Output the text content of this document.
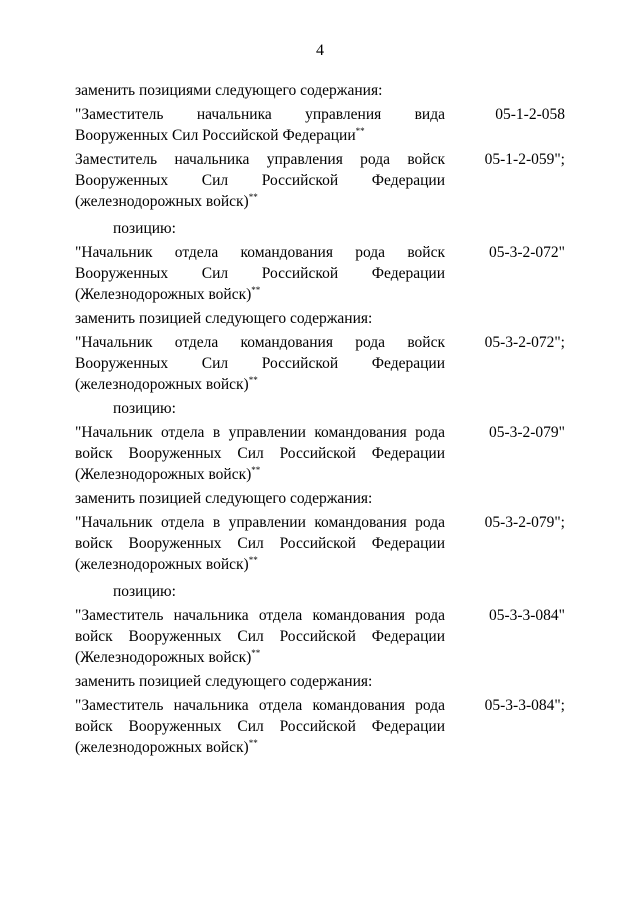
4

заменить позициями следующего содержания:

"Заместитель начальника управления вида
Вооруженных Сил Российской Федерации**
05-1-2-058
Заместитель начальника управления рода войск
Вооруженных Сил Российской Федерации
(железнодорожных войск)**
05-1-2-059";

позицию:

"Начальник отдела командования рода войск
Вооруженных Сил Российской Федерации
(Железнодорожных войск)**
05-3-2-072"

заменить позицией следующего содержания:

"Начальник отдела командования рода войск
Вооруженных Сил Российской Федерации
(железнодорожных войск)**
05-3-2-072";

позицию:

"Начальник отдела в управлении командования рода
войск Вооруженных Сил Российской Федерации
(Железнодорожных войск)**
05-3-2-079"

заменить позицией следующего содержания:

"Начальник отдела в управлении командования рода
войск Вооруженных Сил Российской Федерации
(железнодорожных войск)**
05-3-2-079";

позицию:

"Заместитель начальника отдела командования рода
войск Вооруженных Сил Российской Федерации
(Железнодорожных войск)**
05-3-3-084"

заменить позицией следующего содержания:

"Заместитель начальника отдела командования рода
войск Вооруженных Сил Российской Федерации
(железнодорожных войск)**
05-3-3-084";
